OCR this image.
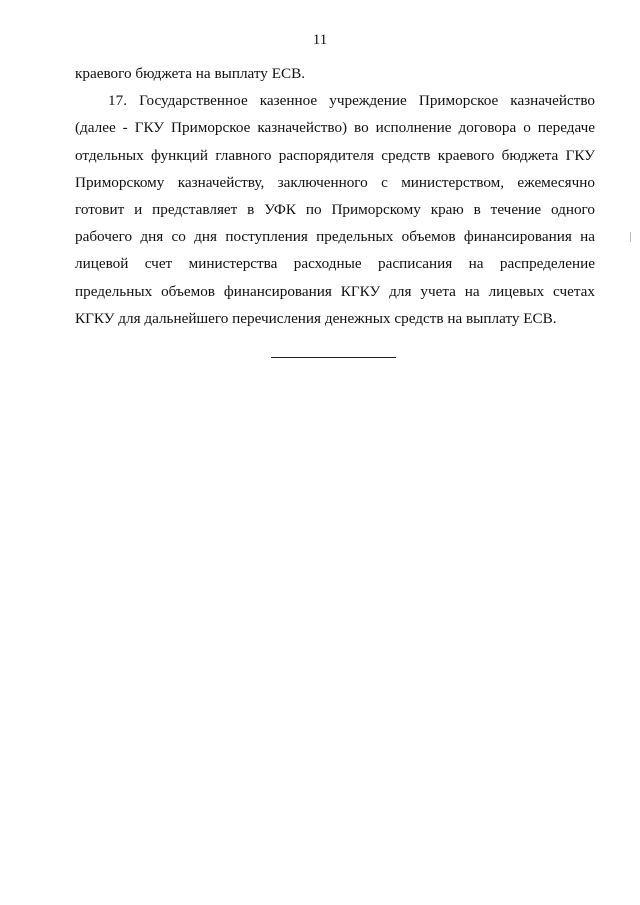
11

краевого бюджета на выплату ЕСВ.

17. Государственное казенное учреждение Приморское казначейство (далее - ГКУ Приморское казначейство) во исполнение договора о передаче отдельных функций главного распорядителя средств краевого бюджета ГКУ Приморскому казначейству, заключенного с министерством, ежемесячно готовит и представляет в УФК по Приморскому краю в течение одного рабочего дня со дня поступления предельных объемов финансирования на лицевой счет министерства расходные расписания на распределение предельных объемов финансирования КГКУ для учета на лицевых счетах КГКУ для дальнейшего перечисления денежных средств на выплату ЕСВ.
